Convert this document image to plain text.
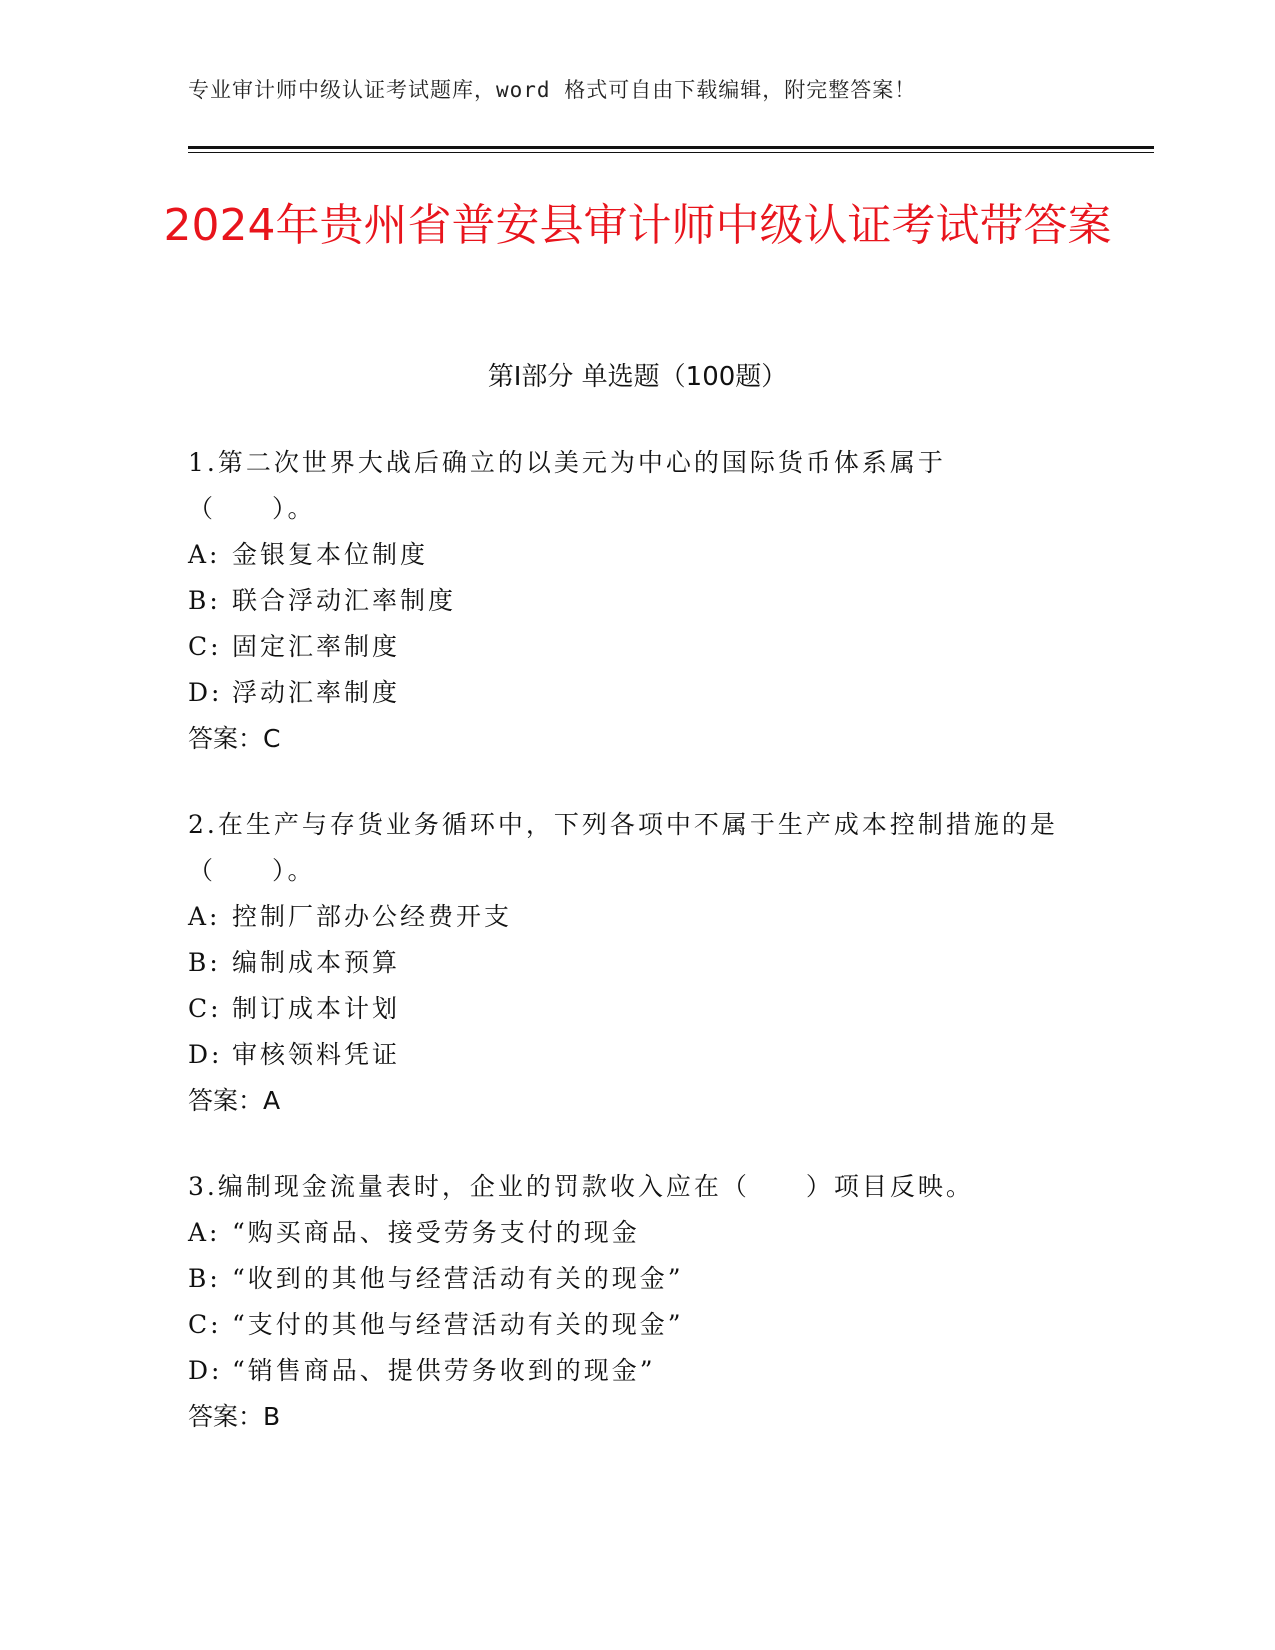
专业审计师中级认证考试题库，word 格式可自由下载编辑，附完整答案！
2024年贵州省普安县审计师中级认证考试带答案
第Ⅰ部分 单选题（100题）

1.第二次世界大战后确立的以美元为中心的国际货币体系属于（　　）。

A: 金银复本位制度

B: 联合浮动汇率制度

C: 固定汇率制度

D: 浮动汇率制度

答案：C

2.在生产与存货业务循环中，下列各项中不属于生产成本控制措施的是（　　）。

A: 控制厂部办公经费开支

B: 编制成本预算

C: 制订成本计划

D: 审核领料凭证

答案：A

3.编制现金流量表时，企业的罚款收入应在（　　）项目反映。

A: “购买商品、接受劳务支付的现金

B: “收到的其他与经营活动有关的现金”

C: “支付的其他与经营活动有关的现金”

D: “销售商品、提供劳务收到的现金”

答案：B
